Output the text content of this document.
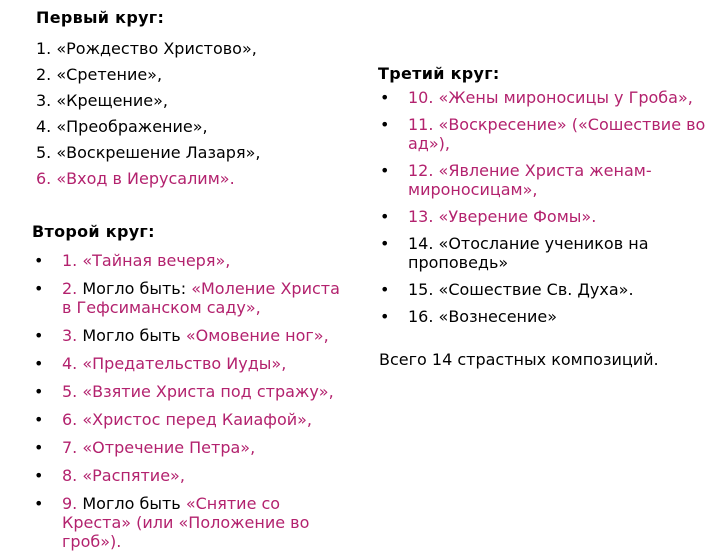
Первый круг:

1. «Рождество Христово»,

2. «Сретение»,

3. «Крещение»,

4. «Преображение»,

5. «Воскрешение Лазаря»,

6. «Вход в Иерусалим».

Второй круг:

• 1. «Тайная вечеря»,
• 2. Могло быть: «Моление Христа в Гефсиманском саду»,
• 3. Могло быть «Омовение ног»,
• 4. «Предательство Иуды»,
• 5. «Взятие Христа под стражу»,
• 6. «Христос перед Каиафой»,
• 7. «Отречение Петра»,
• 8. «Распятие»,
• 9. Могло быть «Снятие со Креста» (или «Положение во гроб»).

Третий круг:

• 10. «Жены мироносицы у Гроба»,
• 11. «Воскресение» («Сошествие во ад»),
• 12. «Явление Христа женам-мироносицам»,
• 13. «Уверение Фомы».
• 14. «Отослание учеников на проповедь»
• 15. «Сошествие Св. Духа».
• 16. «Вознесение»
Всего 14 страстных композиций.
